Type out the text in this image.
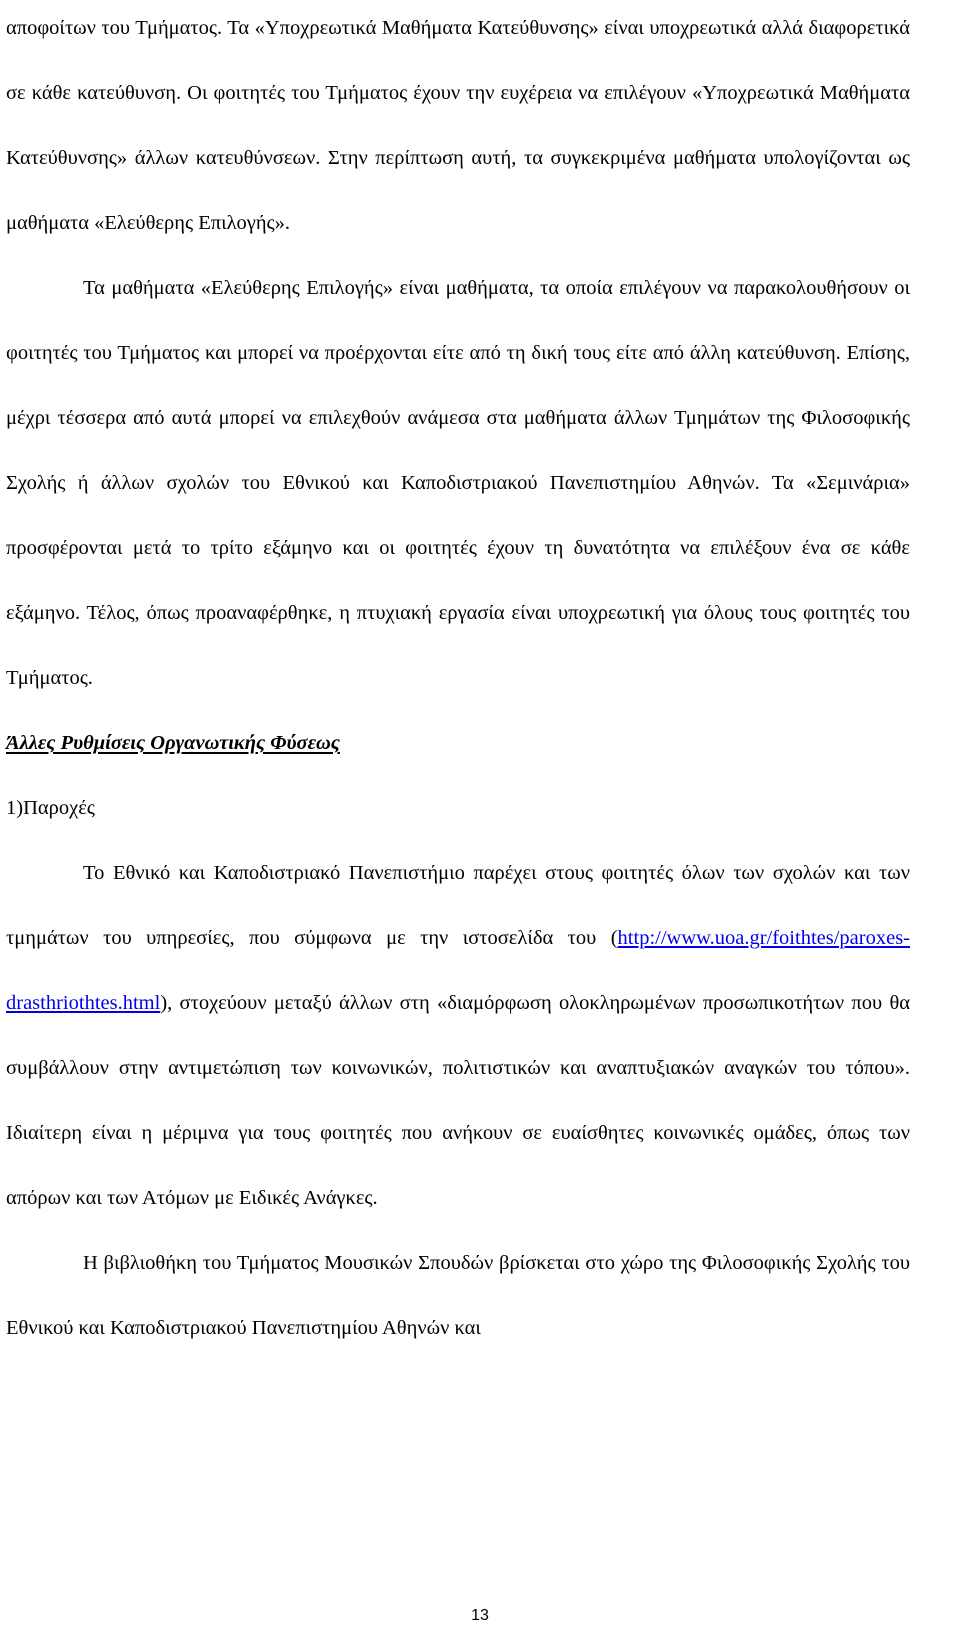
αποφοίτων του Τμήματος. Τα «Υποχρεωτικά Μαθήματα Κατεύθυνσης» είναι υποχρεωτικά αλλά διαφορετικά σε κάθε κατεύθυνση. Οι φοιτητές του Τμήματος έχουν την ευχέρεια να επιλέγουν «Υποχρεωτικά Μαθήματα Κατεύθυνσης» άλλων κατευθύνσεων. Στην περίπτωση αυτή, τα συγκεκριμένα μαθήματα υπολογίζονται ως μαθήματα «Ελεύθερης Επιλογής».

Τα μαθήματα «Ελεύθερης Επιλογής» είναι μαθήματα, τα οποία επιλέγουν να παρακολουθήσουν οι φοιτητές του Τμήματος και μπορεί να προέρχονται είτε από τη δική τους είτε από άλλη κατεύθυνση. Επίσης, μέχρι τέσσερα από αυτά μπορεί να επιλεχθούν ανάμεσα στα μαθήματα άλλων Τμημάτων της Φιλοσοφικής Σχολής ή άλλων σχολών του Εθνικού και Καποδιστριακού Πανεπιστημίου Αθηνών. Τα «Σεμινάρια» προσφέρονται μετά το τρίτο εξάμηνο και οι φοιτητές έχουν τη δυνατότητα να επιλέξουν ένα σε κάθε εξάμηνο. Τέλος, όπως προαναφέρθηκε, η πτυχιακή εργασία είναι υποχρεωτική για όλους τους φοιτητές του Τμήματος.

Άλλες Ρυθμίσεις Οργανωτικής Φύσεως

1)Παροχές

Το Εθνικό και Καποδιστριακό Πανεπιστήμιο παρέχει στους φοιτητές όλων των σχολών και των τμημάτων του υπηρεσίες, που σύμφωνα με την ιστοσελίδα του (http://www.uoa.gr/foithtes/paroxes-drasthriothtes.html), στοχεύουν μεταξύ άλλων στη «διαμόρφωση ολοκληρωμένων προσωπικοτήτων που θα συμβάλλουν στην αντιμετώπιση των κοινωνικών, πολιτιστικών και αναπτυξιακών αναγκών του τόπου». Ιδιαίτερη είναι η μέριμνα για τους φοιτητές που ανήκουν σε ευαίσθητες κοινωνικές ομάδες, όπως των απόρων και των Ατόμων με Ειδικές Ανάγκες.

Η βιβλιοθήκη του Τμήματος Μουσικών Σπουδών βρίσκεται στο χώρο της Φιλοσοφικής Σχολής του Εθνικού και Καποδιστριακού Πανεπιστημίου Αθηνών και

13
